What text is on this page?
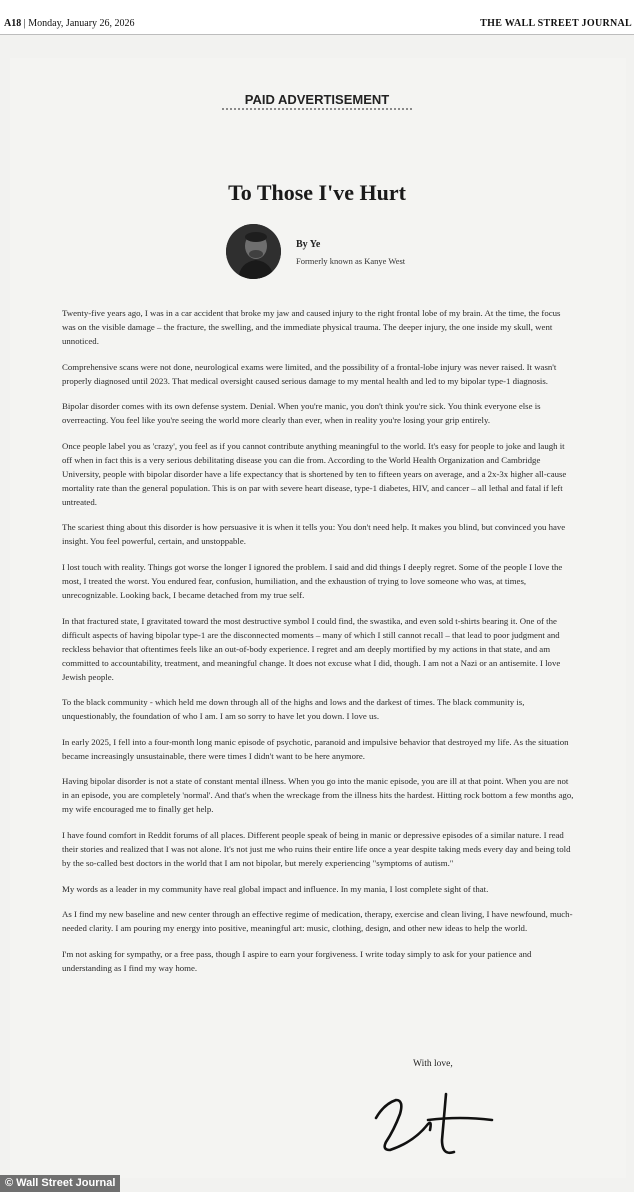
A18 | Monday, January 26, 2026	THE WALL STREET JOURNAL
PAID ADVERTISEMENT
To Those I've Hurt
By Ye
Formerly known as Kanye West

Twenty-five years ago, I was in a car accident that broke my jaw and caused injury to the right frontal lobe of my brain. At the time, the focus was on the visible damage – the fracture, the swelling, and the immediate physical trauma. The deeper injury, the one inside my skull, went unnoticed.

Comprehensive scans were not done, neurological exams were limited, and the possibility of a frontal-lobe injury was never raised. It wasn't properly diagnosed until 2023. That medical oversight caused serious damage to my mental health and led to my bipolar type-1 diagnosis.

Bipolar disorder comes with its own defense system. Denial. When you're manic, you don't think you're sick. You think everyone else is overreacting. You feel like you're seeing the world more clearly than ever, when in reality you're losing your grip entirely.

Once people label you as 'crazy', you feel as if you cannot contribute anything meaningful to the world. It's easy for people to joke and laugh it off when in fact this is a very serious debilitating disease you can die from. According to the World Health Organization and Cambridge University, people with bipolar disorder have a life expectancy that is shortened by ten to fifteen years on average, and a 2x-3x higher all-cause mortality rate than the general population. This is on par with severe heart disease, type-1 diabetes, HIV, and cancer – all lethal and fatal if left untreated.

The scariest thing about this disorder is how persuasive it is when it tells you: You don't need help. It makes you blind, but convinced you have insight. You feel powerful, certain, and unstoppable.

I lost touch with reality. Things got worse the longer I ignored the problem. I said and did things I deeply regret. Some of the people I love the most, I treated the worst. You endured fear, confusion, humiliation, and the exhaustion of trying to love someone who was, at times, unrecognizable. Looking back, I became detached from my true self.

In that fractured state, I gravitated toward the most destructive symbol I could find, the swastika, and even sold t-shirts bearing it. One of the difficult aspects of having bipolar type-1 are the disconnected moments – many of which I still cannot recall – that lead to poor judgment and reckless behavior that oftentimes feels like an out-of-body experience. I regret and am deeply mortified by my actions in that state, and am committed to accountability, treatment, and meaningful change. It does not excuse what I did, though. I am not a Nazi or an antisemite. I love Jewish people.

To the black community - which held me down through all of the highs and lows and the darkest of times. The black community is, unquestionably, the foundation of who I am. I am so sorry to have let you down. I love us.

In early 2025, I fell into a four-month long manic episode of psychotic, paranoid and impulsive behavior that destroyed my life. As the situation became increasingly unsustainable, there were times I didn't want to be here anymore.

Having bipolar disorder is not a state of constant mental illness. When you go into the manic episode, you are ill at that point. When you are not in an episode, you are completely 'normal'. And that's when the wreckage from the illness hits the hardest. Hitting rock bottom a few months ago, my wife encouraged me to finally get help.

I have found comfort in Reddit forums of all places. Different people speak of being in manic or depressive episodes of a similar nature. I read their stories and realized that I was not alone. It's not just me who ruins their entire life once a year despite taking meds every day and being told by the so-called best doctors in the world that I am not bipolar, but merely experiencing "symptoms of autism."

My words as a leader in my community have real global impact and influence. In my mania, I lost complete sight of that.

As I find my new baseline and new center through an effective regime of medication, therapy, exercise and clean living, I have newfound, much-needed clarity. I am pouring my energy into positive, meaningful art: music, clothing, design, and other new ideas to help the world.

I'm not asking for sympathy, or a free pass, though I aspire to earn your forgiveness. I write today simply to ask for your patience and understanding as I find my way home.

With love,
© Wall Street Journal
